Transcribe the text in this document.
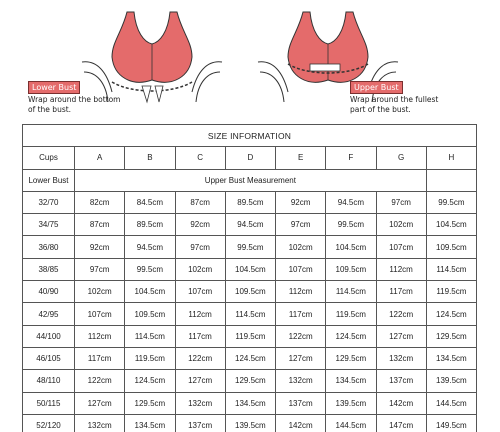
Lower Bust
Wrap around the bottom of the bust.
Upper Bust
Wrap around the fullest part of the bust.
SIZE INFORMATION								
Cups	A	B	C	D	E	F	G	H
Lower Bust	Upper Bust Measurement							
32/70	82cm	84.5cm	87cm	89.5cm	92cm	94.5cm	97cm	99.5cm
34/75	87cm	89.5cm	92cm	94.5cm	97cm	99.5cm	102cm	104.5cm
36/80	92cm	94.5cm	97cm	99.5cm	102cm	104.5cm	107cm	109.5cm
38/85	97cm	99.5cm	102cm	104.5cm	107cm	109.5cm	112cm	114.5cm
40/90	102cm	104.5cm	107cm	109.5cm	112cm	114.5cm	117cm	119.5cm
42/95	107cm	109.5cm	112cm	114.5cm	117cm	119.5cm	122cm	124.5cm
44/100	112cm	114.5cm	117cm	119.5cm	122cm	124.5cm	127cm	129.5cm
46/105	117cm	119.5cm	122cm	124.5cm	127cm	129.5cm	132cm	134.5cm
48/110	122cm	124.5cm	127cm	129.5cm	132cm	134.5cm	137cm	139.5cm
50/115	127cm	129.5cm	132cm	134.5cm	137cm	139.5cm	142cm	144.5cm
52/120	132cm	134.5cm	137cm	139.5cm	142cm	144.5cm	147cm	149.5cm
